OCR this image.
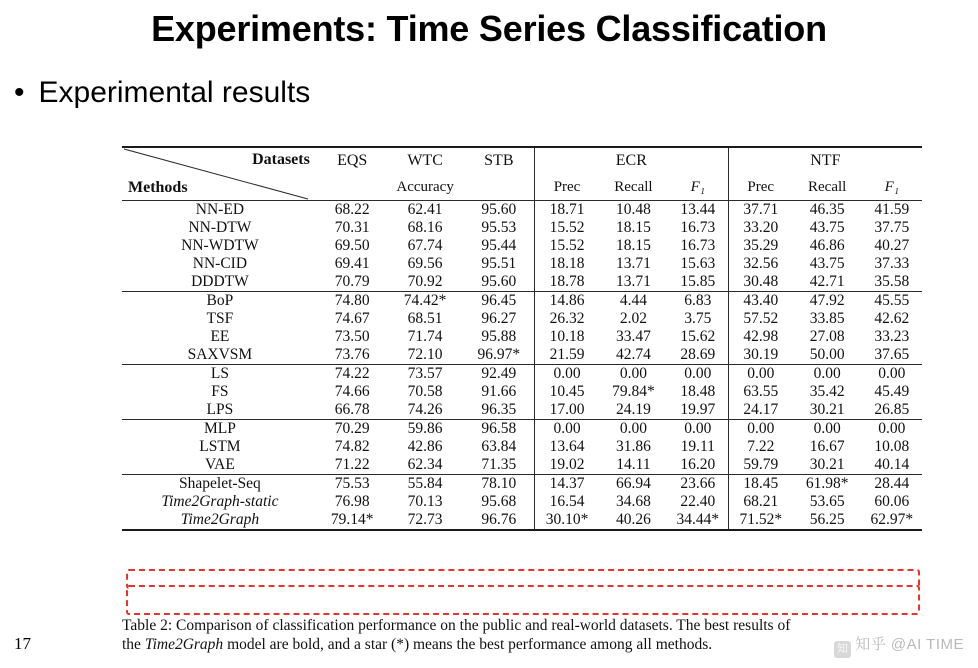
Experiments: Time Series Classification
• Experimental results
Datasets
Methods	EQS	WTC	STB	ECR			NTF		
		Accuracy		Prec	Recall	F₁	Prec	Recall	F₁
NN-ED	68.22	62.41	95.60	18.71	10.48	13.44	37.71	46.35	41.59
NN-DTW	70.31	68.16	95.53	15.52	18.15	16.73	33.20	43.75	37.75
NN-WDTW	69.50	67.74	95.44	15.52	18.15	16.73	35.29	46.86	40.27
NN-CID	69.41	69.56	95.51	18.18	13.71	15.63	32.56	43.75	37.33
DDDTW	70.79	70.92	95.60	18.78	13.71	15.85	30.48	42.71	35.58
BoP	74.80	74.42*	96.45	14.86	4.44	6.83	43.40	47.92	45.55
TSF	74.67	68.51	96.27	26.32	2.02	3.75	57.52	33.85	42.62
EE	73.50	71.74	95.88	10.18	33.47	15.62	42.98	27.08	33.23
SAXVSM	73.76	72.10	96.97*	21.59	42.74	28.69	30.19	50.00	37.65
LS	74.22	73.57	92.49	0.00	0.00	0.00	0.00	0.00	0.00
FS	74.66	70.58	91.66	10.45	79.84*	18.48	63.55	35.42	45.49
LPS	66.78	74.26	96.35	17.00	24.19	19.97	24.17	30.21	26.85
MLP	70.29	59.86	96.58	0.00	0.00	0.00	0.00	0.00	0.00
LSTM	74.82	42.86	63.84	13.64	31.86	19.11	7.22	16.67	10.08
VAE	71.22	62.34	71.35	19.02	14.11	16.20	59.79	30.21	40.14
Shapelet-Seq	75.53	55.84	78.10	14.37	66.94	23.66	18.45	61.98*	28.44
Time2Graph-static	76.98	70.13	95.68	16.54	34.68	22.40	68.21	53.65	60.06
Time2Graph	79.14*	72.73	96.76	30.10*	40.26	34.44*	71.52*	56.25	62.97*
Table 2: Comparison of classification performance on the public and real-world datasets. The best results of
the Time2Graph model are bold, and a star (*) means the best performance among all methods.
17	知 知乎 @AI TIME
